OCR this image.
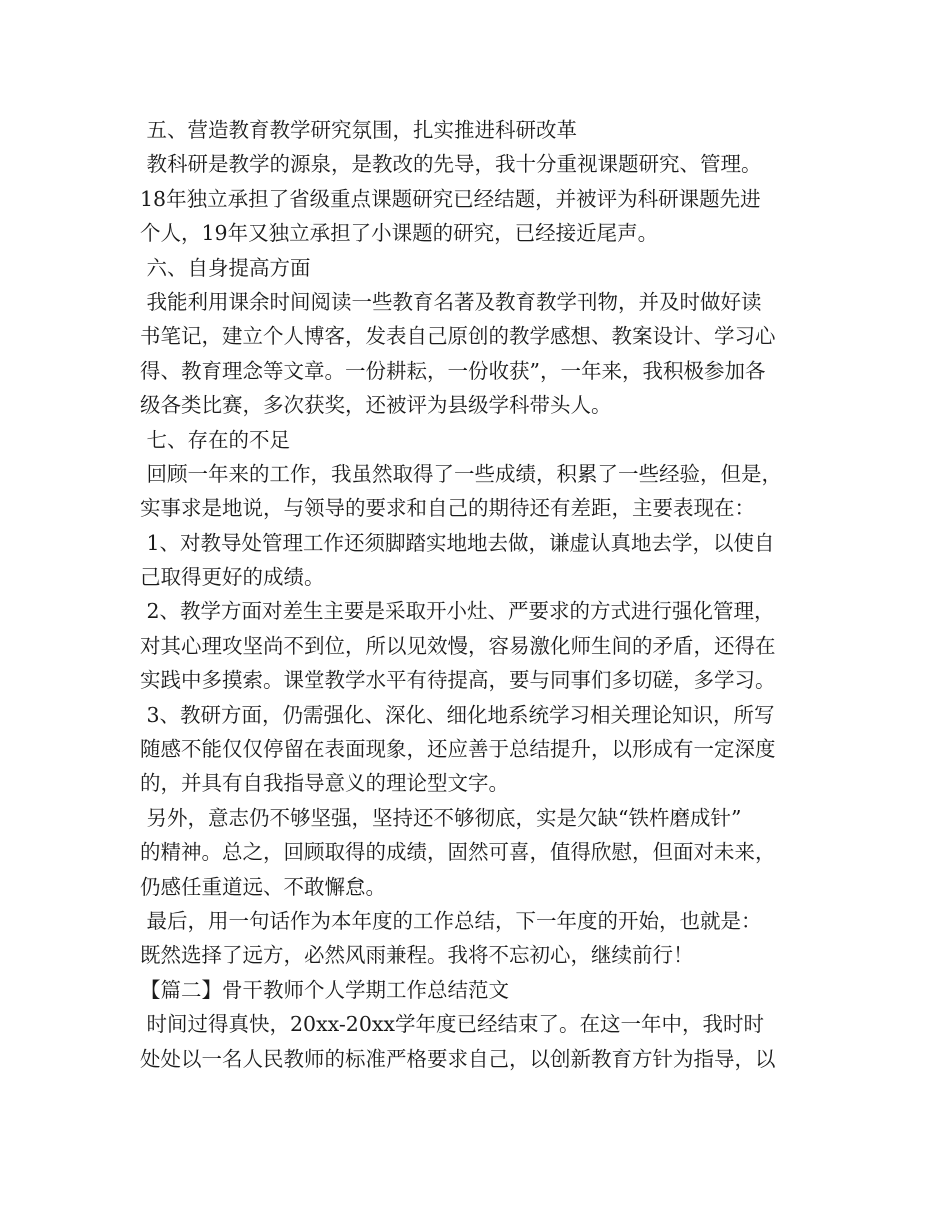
五、营造教育教学研究氛围，扎实推进科研改革
教科研是教学的源泉，是教改的先导，我十分重视课题研究、管理。
18年独立承担了省级重点课题研究已经结题，并被评为科研课题先进
个人，19年又独立承担了小课题的研究，已经接近尾声。
六、自身提高方面
我能利用课余时间阅读一些教育名著及教育教学刊物，并及时做好读
书笔记，建立个人博客，发表自己原创的教学感想、教案设计、学习心
得、教育理念等文章。一份耕耘，一份收获”，一年来，我积极参加各
级各类比赛，多次获奖，还被评为县级学科带头人。
七、存在的不足
回顾一年来的工作，我虽然取得了一些成绩，积累了一些经验，但是，
实事求是地说，与领导的要求和自己的期待还有差距，主要表现在：
1、对教导处管理工作还须脚踏实地地去做，谦虚认真地去学，以使自
己取得更好的成绩。
2、教学方面对差生主要是采取开小灶、严要求的方式进行强化管理，
对其心理攻坚尚不到位，所以见效慢，容易激化师生间的矛盾，还得在
实践中多摸索。课堂教学水平有待提高，要与同事们多切磋，多学习。
3、教研方面，仍需强化、深化、细化地系统学习相关理论知识，所写
随感不能仅仅停留在表面现象，还应善于总结提升，以形成有一定深度
的，并具有自我指导意义的理论型文字。
另外，意志仍不够坚强，坚持还不够彻底，实是欠缺“铁杵磨成针”
的精神。总之，回顾取得的成绩，固然可喜，值得欣慰，但面对未来，
仍感任重道远、不敢懈怠。
最后，用一句话作为本年度的工作总结，下一年度的开始，也就是：
既然选择了远方，必然风雨兼程。我将不忘初心，继续前行！
【篇二】骨干教师个人学期工作总结范文
时间过得真快，20xx-20xx学年度已经结束了。在这一年中，我时时
处处以一名人民教师的标准严格要求自己，以创新教育方针为指导，以
